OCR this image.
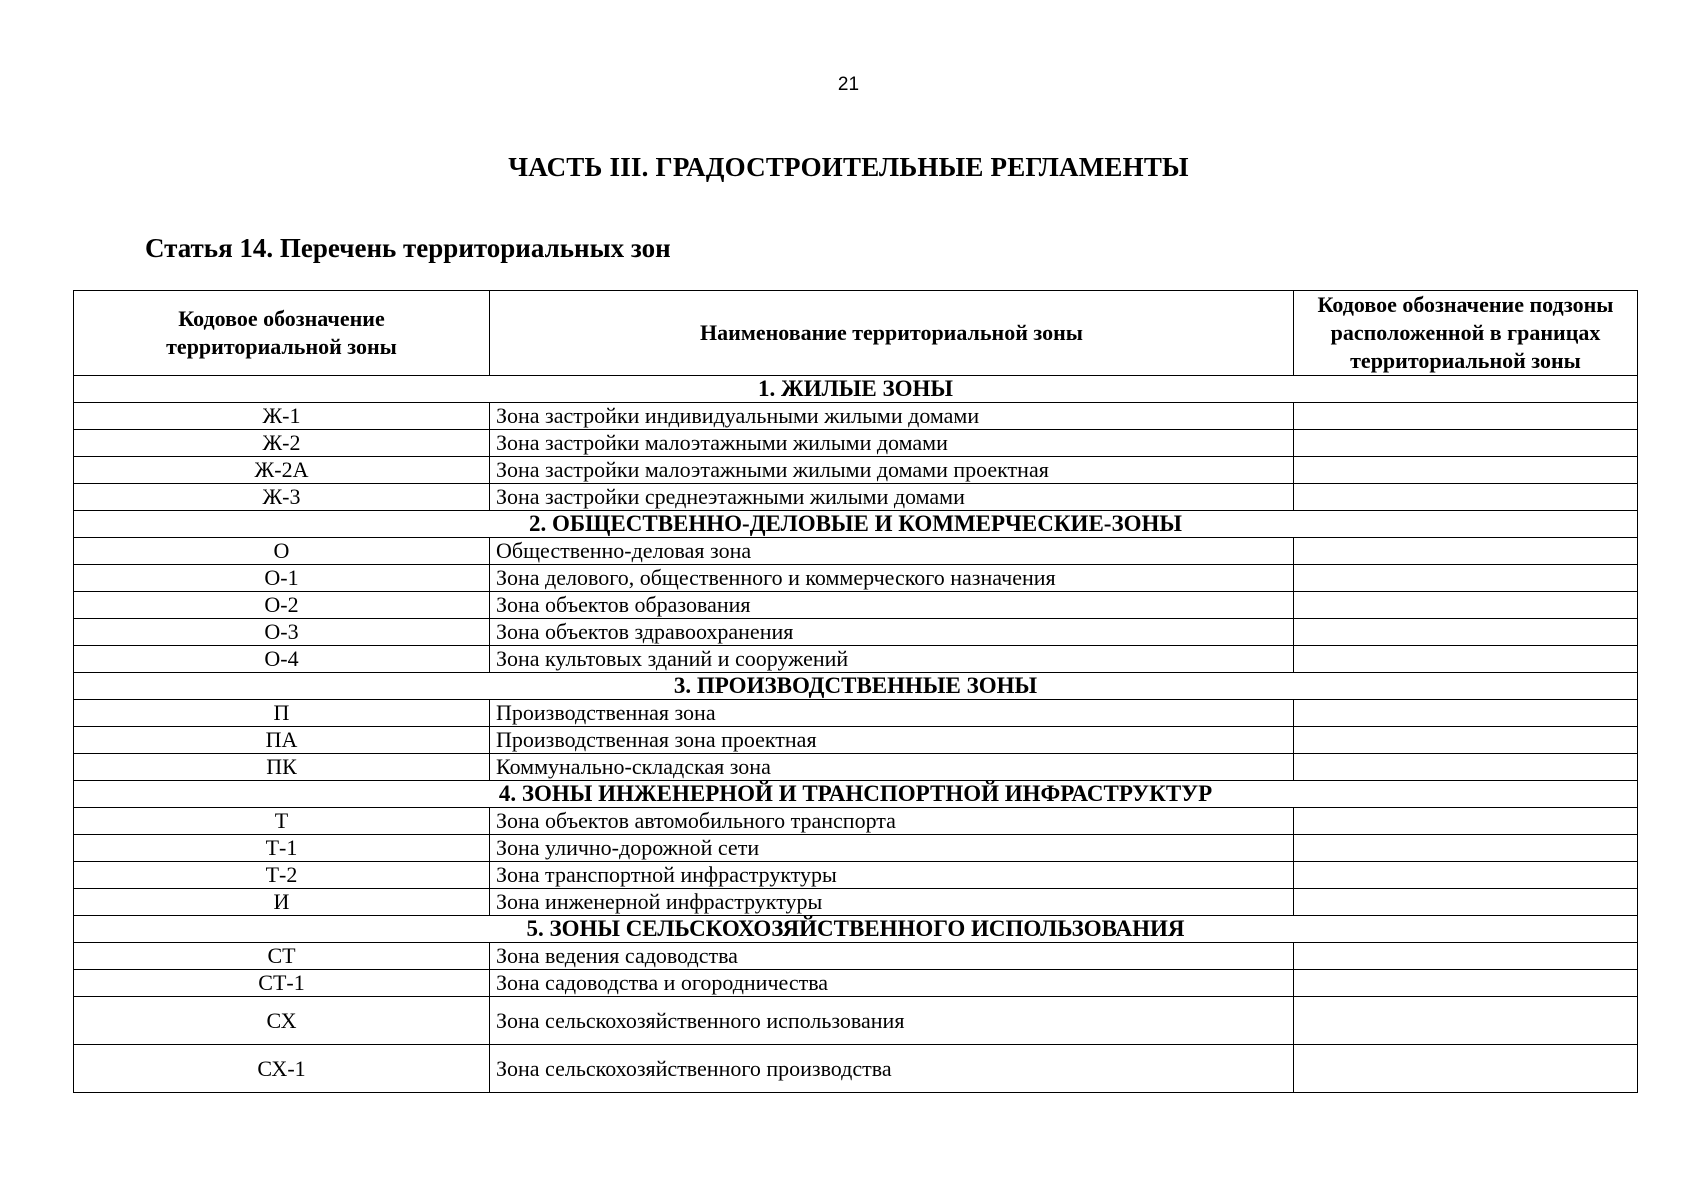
21
ЧАСТЬ III. ГРАДОСТРОИТЕЛЬНЫЕ РЕГЛАМЕНТЫ
Статья 14. Перечень территориальных зон
Кодовое обозначение территориальной зоны	Наименование территориальной зоны	Кодовое обозначение подзоны расположенной в границах территориальной зоны
1. ЖИЛЫЕ ЗОНЫ		
Ж-1	Зона застройки индивидуальными жилыми домами	
Ж-2	Зона застройки малоэтажными жилыми домами	
Ж-2А	Зона застройки малоэтажными жилыми домами проектная	
Ж-3	Зона застройки среднеэтажными жилыми домами	
2. ОБЩЕСТВЕННО-ДЕЛОВЫЕ И КОММЕРЧЕСКИЕ-ЗОНЫ		
О	Общественно-деловая зона	
О-1	Зона делового, общественного и коммерческого назначения	
О-2	Зона объектов образования	
О-3	Зона объектов здравоохранения	
О-4	Зона культовых зданий и сооружений	
3. ПРОИЗВОДСТВЕННЫЕ ЗОНЫ		
П	Производственная зона	
ПА	Производственная зона проектная	
ПК	Коммунально-складская зона	
4. ЗОНЫ ИНЖЕНЕРНОЙ И ТРАНСПОРТНОЙ ИНФРАСТРУКТУР		
Т	Зона объектов автомобильного транспорта	
Т-1	Зона улично-дорожной сети	
Т-2	Зона транспортной инфраструктуры	
И	Зона инженерной инфраструктуры	
5. ЗОНЫ СЕЛЬСКОХОЗЯЙСТВЕННОГО ИСПОЛЬЗОВАНИЯ		
СТ	Зона ведения садоводства	
СТ-1	Зона садоводства и огородничества	
СХ	Зона сельскохозяйственного использования	
СХ-1	Зона сельскохозяйственного производства	
